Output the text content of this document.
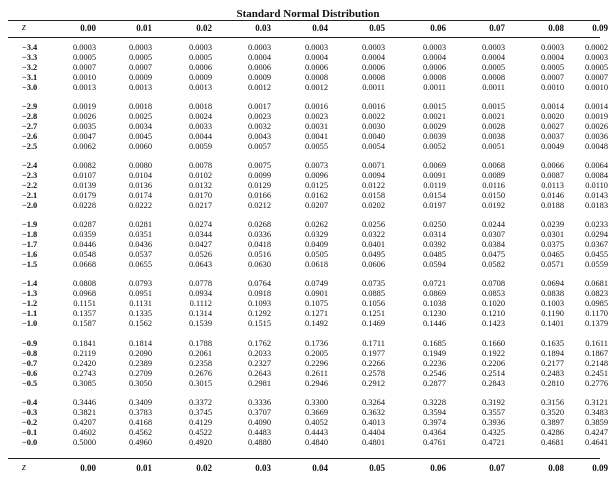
Standard Normal Distribution
z	0.00	0.01	0.02	0.03	0.04	0.05	0.06	0.07	0.08	0.09
−3.4	0.0003	0.0003	0.0003	0.0003	0.0003	0.0003	0.0003	0.0003	0.0003	0.0002
−3.3	0.0005	0.0005	0.0005	0.0004	0.0004	0.0004	0.0004	0.0004	0.0004	0.0003
−3.2	0.0007	0.0007	0.0006	0.0006	0.0006	0.0006	0.0006	0.0005	0.0005	0.0005
−3.1	0.0010	0.0009	0.0009	0.0009	0.0008	0.0008	0.0008	0.0008	0.0007	0.0007
−3.0	0.0013	0.0013	0.0013	0.0012	0.0012	0.0011	0.0011	0.0011	0.0010	0.0010
−2.9	0.0019	0.0018	0.0018	0.0017	0.0016	0.0016	0.0015	0.0015	0.0014	0.0014
−2.8	0.0026	0.0025	0.0024	0.0023	0.0023	0.0022	0.0021	0.0021	0.0020	0.0019
−2.7	0.0035	0.0034	0.0033	0.0032	0.0031	0.0030	0.0029	0.0028	0.0027	0.0026
−2.6	0.0047	0.0045	0.0044	0.0043	0.0041	0.0040	0.0039	0.0038	0.0037	0.0036
−2.5	0.0062	0.0060	0.0059	0.0057	0.0055	0.0054	0.0052	0.0051	0.0049	0.0048
−2.4	0.0082	0.0080	0.0078	0.0075	0.0073	0.0071	0.0069	0.0068	0.0066	0.0064
−2.3	0.0107	0.0104	0.0102	0.0099	0.0096	0.0094	0.0091	0.0089	0.0087	0.0084
−2.2	0.0139	0.0136	0.0132	0.0129	0.0125	0.0122	0.0119	0.0116	0.0113	0.0110
−2.1	0.0179	0.0174	0.0170	0.0166	0.0162	0.0158	0.0154	0.0150	0.0146	0.0143
−2.0	0.0228	0.0222	0.0217	0.0212	0.0207	0.0202	0.0197	0.0192	0.0188	0.0183
−1.9	0.0287	0.0281	0.0274	0.0268	0.0262	0.0256	0.0250	0.0244	0.0239	0.0233
−1.8	0.0359	0.0351	0.0344	0.0336	0.0329	0.0322	0.0314	0.0307	0.0301	0.0294
−1.7	0.0446	0.0436	0.0427	0.0418	0.0409	0.0401	0.0392	0.0384	0.0375	0.0367
−1.6	0.0548	0.0537	0.0526	0.0516	0.0505	0.0495	0.0485	0.0475	0.0465	0.0455
−1.5	0.0668	0.0655	0.0643	0.0630	0.0618	0.0606	0.0594	0.0582	0.0571	0.0559
−1.4	0.0808	0.0793	0.0778	0.0764	0.0749	0.0735	0.0721	0.0708	0.0694	0.0681
−1.3	0.0968	0.0951	0.0934	0.0918	0.0901	0.0885	0.0869	0.0853	0.0838	0.0823
−1.2	0.1151	0.1131	0.1112	0.1093	0.1075	0.1056	0.1038	0.1020	0.1003	0.0985
−1.1	0.1357	0.1335	0.1314	0.1292	0.1271	0.1251	0.1230	0.1210	0.1190	0.1170
−1.0	0.1587	0.1562	0.1539	0.1515	0.1492	0.1469	0.1446	0.1423	0.1401	0.1379
−0.9	0.1841	0.1814	0.1788	0.1762	0.1736	0.1711	0.1685	0.1660	0.1635	0.1611
−0.8	0.2119	0.2090	0.2061	0.2033	0.2005	0.1977	0.1949	0.1922	0.1894	0.1867
−0.7	0.2420	0.2389	0.2358	0.2327	0.2296	0.2266	0.2236	0.2206	0.2177	0.2148
−0.6	0.2743	0.2709	0.2676	0.2643	0.2611	0.2578	0.2546	0.2514	0.2483	0.2451
−0.5	0.3085	0.3050	0.3015	0.2981	0.2946	0.2912	0.2877	0.2843	0.2810	0.2776
−0.4	0.3446	0.3409	0.3372	0.3336	0.3300	0.3264	0.3228	0.3192	0.3156	0.3121
−0.3	0.3821	0.3783	0.3745	0.3707	0.3669	0.3632	0.3594	0.3557	0.3520	0.3483
−0.2	0.4207	0.4168	0.4129	0.4090	0.4052	0.4013	0.3974	0.3936	0.3897	0.3859
−0.1	0.4602	0.4562	0.4522	0.4483	0.4443	0.4404	0.4364	0.4325	0.4286	0.4247
−0.0	0.5000	0.4960	0.4920	0.4880	0.4840	0.4801	0.4761	0.4721	0.4681	0.4641
z	0.00	0.01	0.02	0.03	0.04	0.05	0.06	0.07	0.08	0.09
